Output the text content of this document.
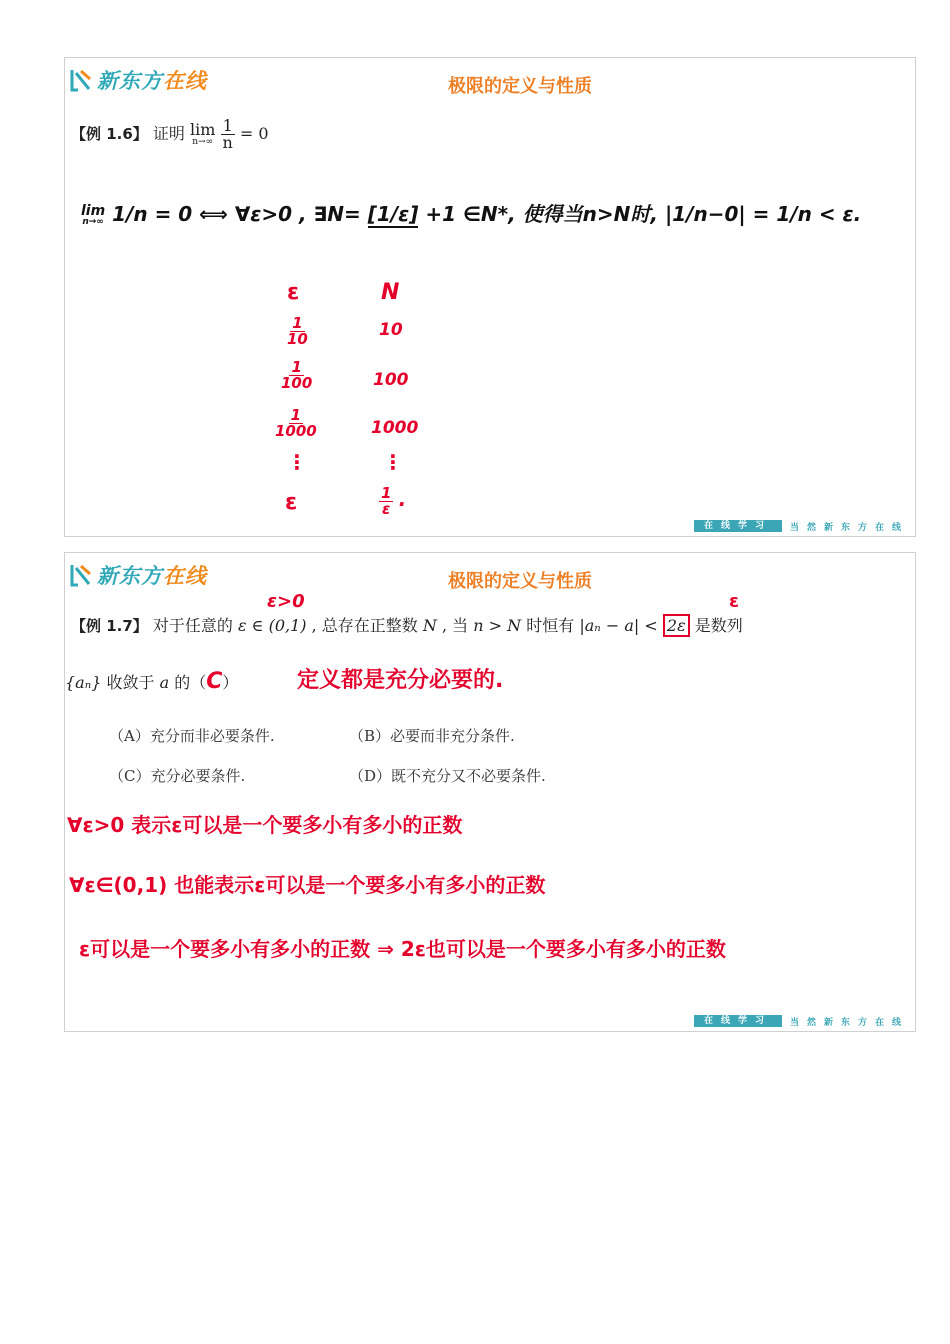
新东方在线	极限的定义与性质
【例 1.6】 证明 lim
n→∞
$\frac{1}{n} = 0$
lim
n→∞ 1/n = 0 ⟺ ∀ε>0 , ∃N= [1/ε] +1 ∈N*, 使得当n>N时, |1/n−0| = 1/n < ε.
ε	N
$\frac{1}{10}$	10
$\frac{1}{100}$	100
$\frac{1}{1000}$	1000
⋮	⋮
ε	$\frac{1}{\varepsilon}$ .
在线学习	当然新东方在线
新东方在线	极限的定义与性质
ε>0	ε
【例 1.7】 对于任意的 ε ∈ (0,1) , 总存在正整数 N , 当 n > N 时恒有 |aₙ − a| < 2ε 是数列
{aₙ} 收敛于 a 的（C）	定义都是充分必要的.
（A）充分而非必要条件.	（B）必要而非充分条件.
（C）充分必要条件.	（D）既不充分又不必要条件.
∀ε>0 表示ε可以是一个要多小有多小的正数
∀ε∈(0,1) 也能表示ε可以是一个要多小有多小的正数
ε可以是一个要多小有多小的正数 ⇒ 2ε也可以是一个要多小有多小的正数
在线学习	当然新东方在线
